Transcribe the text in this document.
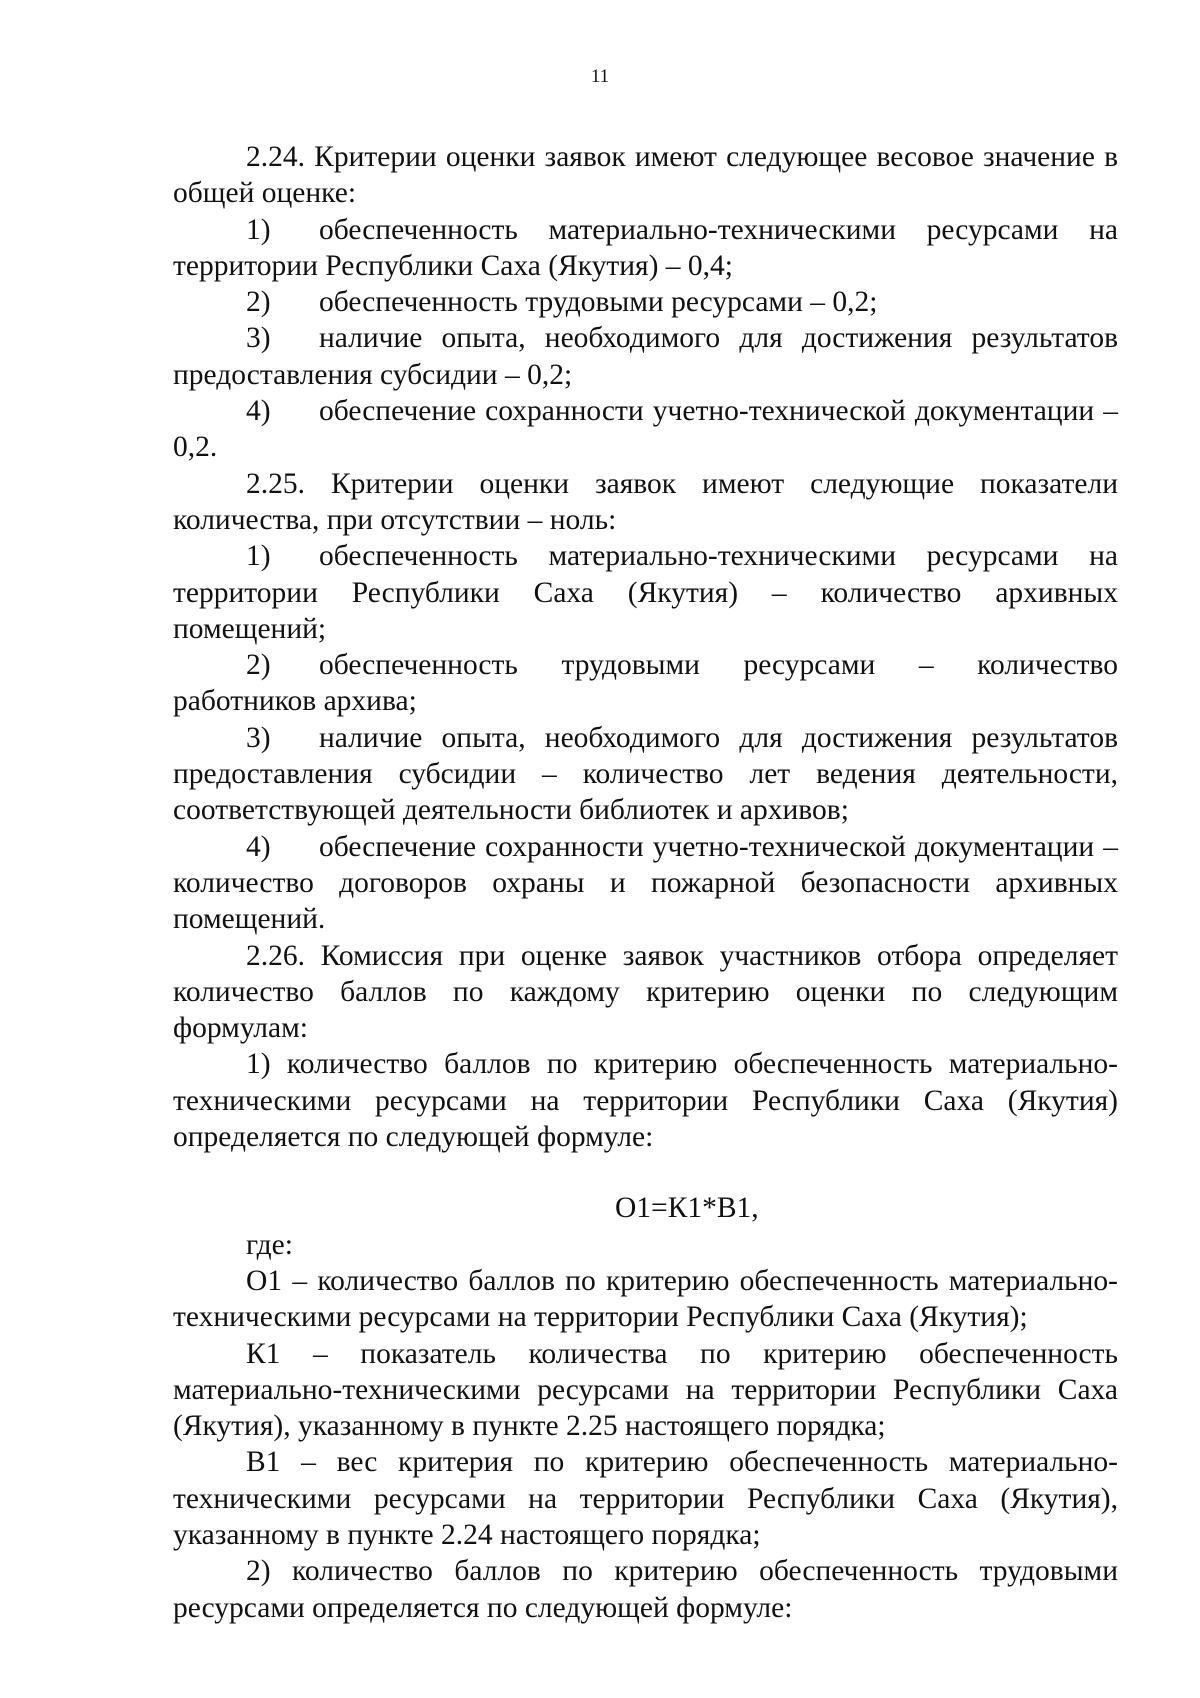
11

2.24. Критерии оценки заявок имеют следующее весовое значение в общей оценке:

1) обеспеченность материально-техническими ресурсами на территории Республики Саха (Якутия) – 0,4;

2) обеспеченность трудовыми ресурсами – 0,2;

3) наличие опыта, необходимого для достижения результатов предоставления субсидии – 0,2;

4) обеспечение сохранности учетно-технической документации – 0,2.

2.25. Критерии оценки заявок имеют следующие показатели количества, при отсутствии – ноль:

1) обеспеченность материально-техническими ресурсами на территории Республики Саха (Якутия) – количество архивных помещений;

2) обеспеченность трудовыми ресурсами – количество работников архива;

3) наличие опыта, необходимого для достижения результатов предоставления субсидии – количество лет ведения деятельности, соответствующей деятельности библиотек и архивов;

4) обеспечение сохранности учетно-технической документации – количество договоров охраны и пожарной безопасности архивных помещений.

2.26. Комиссия при оценке заявок участников отбора определяет количество баллов по каждому критерию оценки по следующим формулам:

1) количество баллов по критерию обеспеченность материально-техническими ресурсами на территории Республики Саха (Якутия) определяется по следующей формуле:

О1=К1*В1,

где:

О1 – количество баллов по критерию обеспеченность материально-техническими ресурсами на территории Республики Саха (Якутия);

К1 – показатель количества по критерию обеспеченность материально-техническими ресурсами на территории Республики Саха (Якутия), указанному в пункте 2.25 настоящего порядка;

В1 – вес критерия по критерию обеспеченность материально-техническими ресурсами на территории Республики Саха (Якутия), указанному в пункте 2.24 настоящего порядка;

2) количество баллов по критерию обеспеченность трудовыми ресурсами определяется по следующей формуле:
